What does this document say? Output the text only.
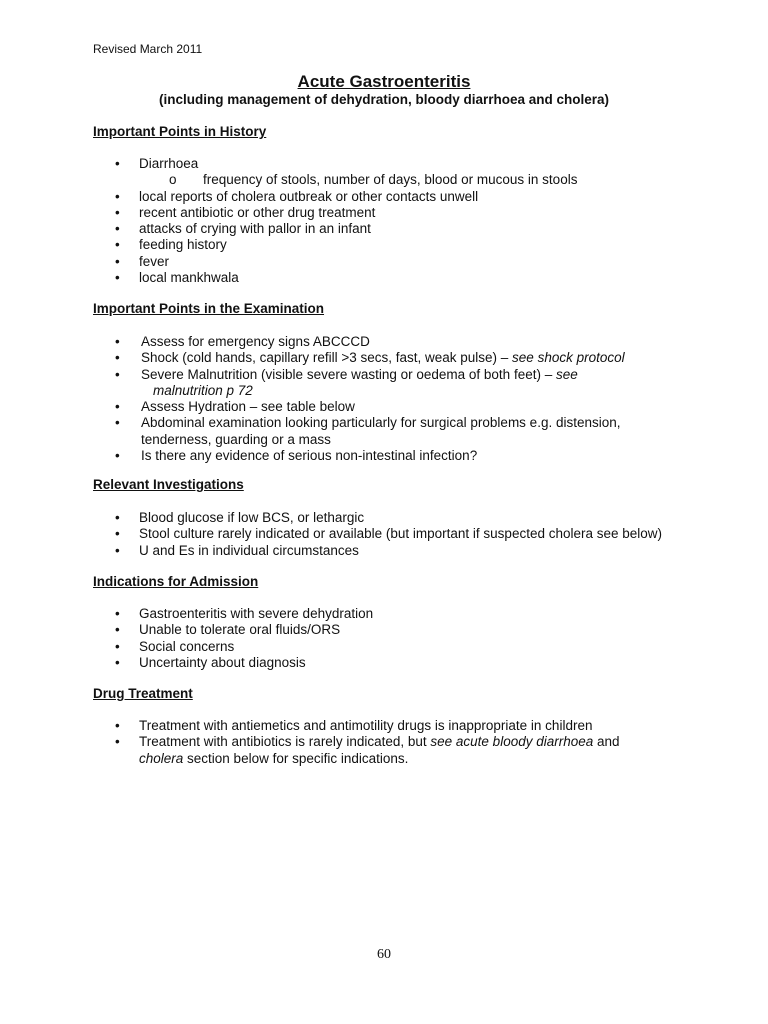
Revised March 2011
Acute Gastroenteritis
(including management of dehydration, bloody diarrhoea and cholera)
Important Points in History
•	Diarrhoea
o frequency of stools, number of days, blood or mucous in stools
•	local reports of cholera outbreak or other contacts unwell
•	recent antibiotic or other drug treatment
•	attacks of crying with pallor in an infant
•	feeding history
•	fever
•	local mankhwala
Important Points in the Examination
•	Assess for emergency signs ABCCCD
•	Shock (cold hands, capillary refill >3 secs, fast, weak pulse) – see shock protocol
•	Severe Malnutrition (visible severe wasting or oedema of both feet) – see
malnutrition p 72
•	Assess Hydration – see table below
•	Abdominal examination looking particularly for surgical problems e.g. distension,
tenderness, guarding or a mass
•	Is there any evidence of serious non-intestinal infection?
Relevant Investigations
•	Blood glucose if low BCS, or lethargic
•	Stool culture rarely indicated or available (but important if suspected cholera see below)
•	U and Es in individual circumstances
Indications for Admission
•	Gastroenteritis with severe dehydration
•	Unable to tolerate oral fluids/ORS
•	Social concerns
•	Uncertainty about diagnosis
Drug Treatment
•	Treatment with antiemetics and antimotility drugs is inappropriate in children
•	Treatment with antibiotics is rarely indicated, but see acute bloody diarrhoea and
cholera section below for specific indications.
60
